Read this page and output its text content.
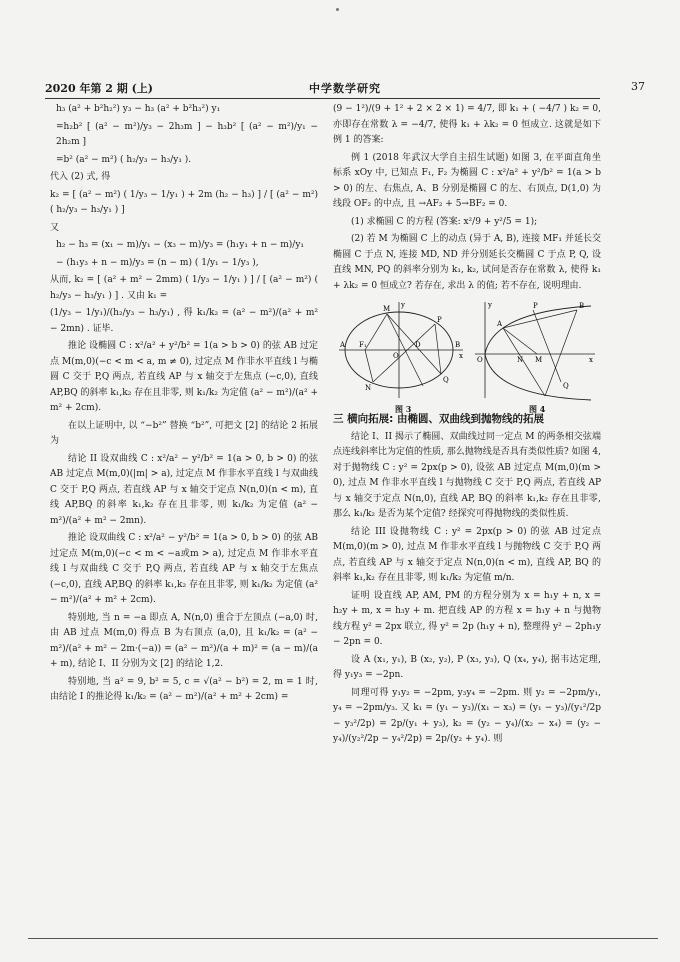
2020 年第 2 期 (上)	中学数学研究	37

h₃ (a² + b²h₂²) y₃ − h₃ (a² + b²h₃²) y₁

=h₂b² [ (a² − m²)/y₃ − 2h₃m ] − h₃b² [ (a² − m²)/y₁ − 2h₂m ]

=b² (a² − m²) ( h₂/y₃ − h₃/y₁ ).

代入 (2) 式, 得

k₂ = [ (a² − m²) ( 1/y₃ − 1/y₁ ) + 2m (h₂ − h₃) ] / [ (a² − m²) ( h₂/y₃ − h₃/y₁ ) ]

又

h₂ − h₃ = (x₁ − m)/y₁ − (x₃ − m)/y₃ = (h₁y₁ + n − m)/y₁

− (h₁y₃ + n − m)/y₃ = (n − m) ( 1/y₁ − 1/y₃ ),

从而, k₂ = [ (a² + m² − 2mm) ( 1/y₃ − 1/y₁ ) ] / [ (a² − m²) ( h₂/y₃ − h₃/y₁ ) ] . 又由 k₁ =

(1/y₃ − 1/y₁)/(h₂/y₃ − h₃/y₁) , 得 k₁/k₂ = (a² − m²)/(a² + m² − 2mn) . 证毕.

推论 设椭圆 C : x²/a² + y²/b² = 1(a > b > 0) 的弦 AB 过定点 M(m,0)(−c < m < a, m ≠ 0), 过定点 M 作非水平直线 l 与椭圆 C 交于 P,Q 两点, 若直线 AP 与 x 轴交于左焦点 (−c,0), 直线 AP,BQ 的斜率 k₁,k₂ 存在且非零, 则 k₁/k₂ 为定值 (a² − m²)/(a² + m² + 2cm).

在以上证明中, 以 “−b²” 替换 “b²”, 可把文 [2] 的结论 2 拓展为

结论 II 设双曲线 C : x²/a² − y²/b² = 1(a > 0, b > 0) 的弦 AB 过定点 M(m,0)(|m| > a), 过定点 M 作非水平直线 l 与双曲线 C 交于 P,Q 两点, 若直线 AP 与 x 轴交于定点 N(n,0)(n < m), 直线 AP,BQ 的斜率 k₁,k₂ 存在且非零, 则 k₁/k₂ 为定值 (a² − m²)/(a² + m² − 2mn).

推论 设双曲线 C : x²/a² − y²/b² = 1(a > 0, b > 0) 的弦 AB 过定点 M(m,0)(−c < m < −a或m > a), 过定点 M 作非水平直线 l 与双曲线 C 交于 P,Q 两点, 若直线 AP 与 x 轴交于左焦点 (−c,0), 直线 AP,BQ 的斜率 k₁,k₂ 存在且非零, 则 k₁/k₂ 为定值 (a² − m²)/(a² + m² + 2cm).

特别地, 当 n = −a 即点 A, N(n,0) 重合于左顶点 (−a,0) 时, 由 AB 过点 M(m,0) 得点 B 为右顶点 (a,0), 且 k₁/k₂ = (a² − m²)/(a² + m² − 2m·(−a)) = (a² − m²)/(a + m)² = (a − m)/(a + m), 结论 I、II 分别为文 [2] 的结论 1,2.

特别地, 当 a² = 9, b² = 5, c = √(a² − b²) = 2, m = 1 时, 由结论 I 的推论得 k₁/k₂ = (a² − m²)/(a² + m² + 2cm) =

(9 − 1²)/(9 + 1² + 2 × 2 × 1) = 4/7, 即 k₁ + ( −4/7 ) k₂ = 0, 亦即存在常数 λ = −4/7, 使得 k₁ + λk₂ = 0 恒成立. 这就是如下例 1 的答案:

例 1 (2018 年武汉大学自主招生试题) 如图 3, 在平面直角坐标系 xOy 中, 已知点 F₁, F₂ 为椭圆 C : x²/a² + y²/b² = 1(a > b > 0) 的左、右焦点, A、B 分别是椭圆 C 的左、右顶点, D(1,0) 为线段 OF₂ 的中点, 且 →AF₂ + 5→BF₂ = 0.

(1) 求椭圆 C 的方程 (答案: x²/9 + y²/5 = 1);

(2) 若 M 为椭圆 C 上的动点 (异于 A, B), 连接 MF₁ 并延长交椭圆 C 于点 N, 连接 MD, ND 并分别延长交椭圆 C 于点 P, Q, 设直线 MN, PQ 的斜率分别为 k₁, k₂, 试问是否存在常数 λ, 使得 k₁ + λk₂ = 0 恒成立? 若存在, 求出 λ 的值; 若不存在, 说明理由.

y
M
A F₁
O
D	B
x
P
Q
N
图 3
y	P	B
A
O	M
N	x
Q
图 4

三 横向拓展: 由椭圆、双曲线到抛物线的拓展

结论 I、II 揭示了椭圆、双曲线过同一定点 M 的两条相交弦端点连线斜率比为定值的性质, 那么抛物线是否具有类似性质? 如图 4, 对于抛物线 C : y² = 2px(p > 0), 设弦 AB 过定点 M(m,0)(m > 0), 过点 M 作非水平直线 l 与抛物线 C 交于 P,Q 两点, 若直线 AP 与 x 轴交于定点 N(n,0), 直线 AP, BQ 的斜率 k₁,k₂ 存在且非零, 那么 k₁/k₂ 是否为某个定值? 经探究可得抛物线的类似性质.

结论 III 设抛物线 C : y² = 2px(p > 0) 的弦 AB 过定点 M(m,0)(m > 0), 过点 M 作非水平直线 l 与抛物线 C 交于 P,Q 两点, 若直线 AP 与 x 轴交于定点 N(n,0)(n < m), 直线 AP, BQ 的斜率 k₁,k₂ 存在且非零, 则 k₁/k₂ 为定值 m/n.

证明 设直线 AP, AM, PM 的方程分别为 x = h₁y + n, x = h₂y + m, x = h₃y + m. 把直线 AP 的方程 x = h₁y + n 与抛物线方程 y² = 2px 联立, 得 y² = 2p (h₁y + n), 整理得 y² − 2ph₁y − 2pn = 0.

设 A (x₁, y₁), B (x₂, y₂), P (x₃, y₃), Q (x₄, y₄), 据韦达定理, 得 y₁y₃ = −2pn.

同理可得 y₁y₂ = −2pm, y₃y₄ = −2pm. 则 y₂ = −2pm/y₁, y₄ = −2pm/y₃. 又 k₁ = (y₁ − y₃)/(x₁ − x₃) = (y₁ − y₃)/(y₁²/2p − y₃²/2p) = 2p/(y₁ + y₃), k₂ = (y₂ − y₄)/(x₂ − x₄) = (y₂ − y₄)/(y₂²/2p − y₄²/2p) = 2p/(y₂ + y₄). 则
